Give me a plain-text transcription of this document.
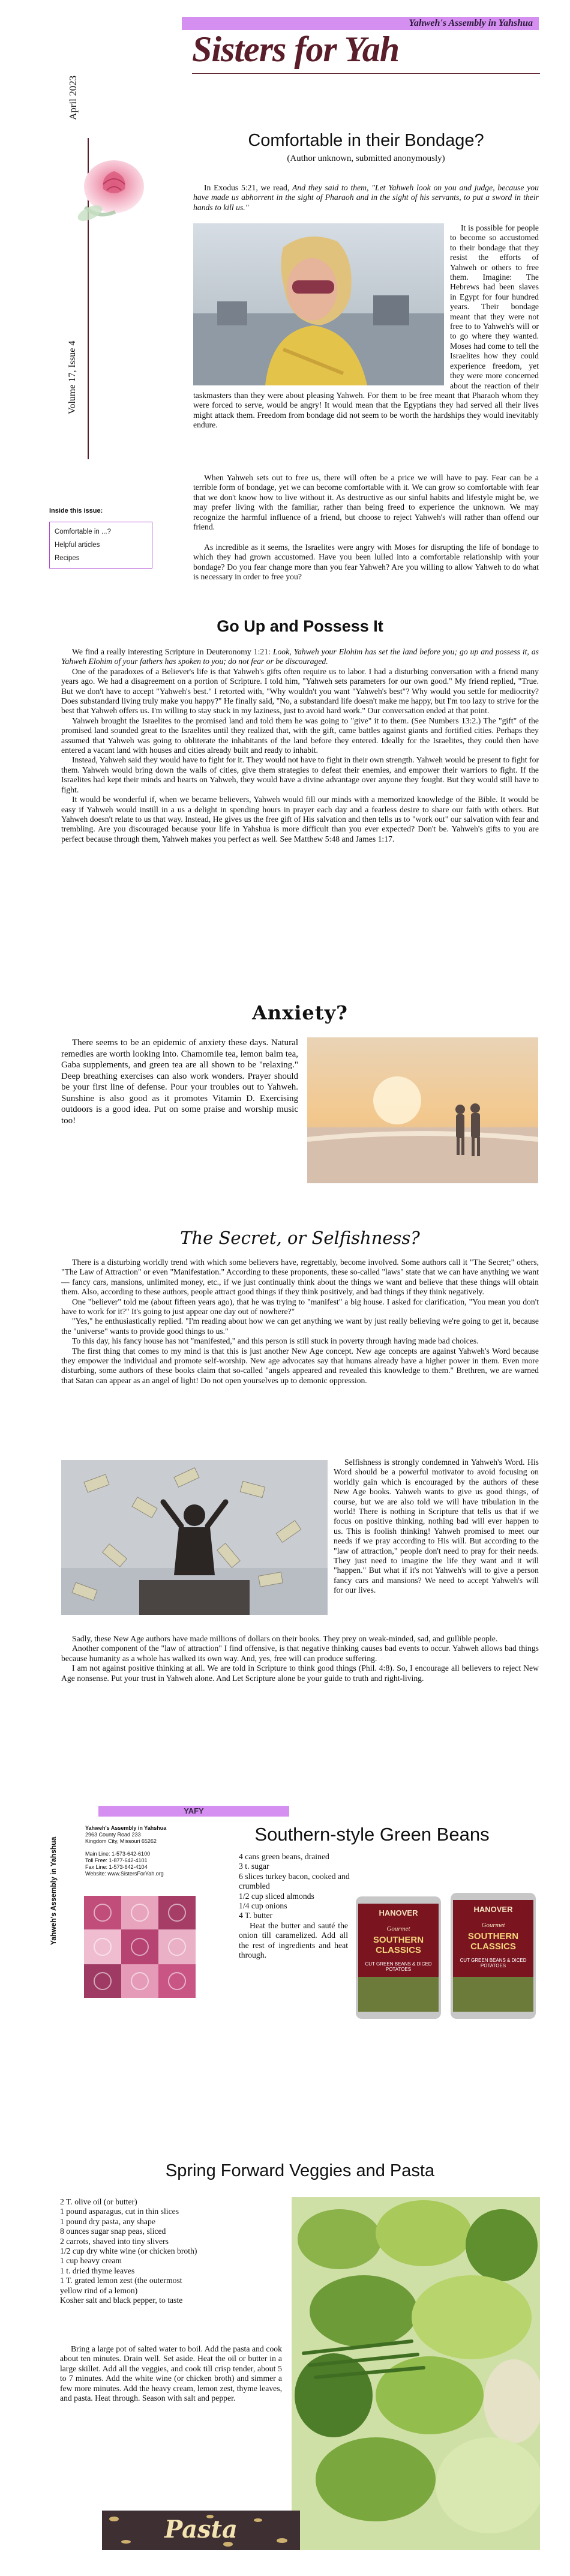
Yahweh's Assembly in Yahshua
Sisters for Yah
April 2023
Volume 17, Issue 4
Inside this issue:
Comfortable in ...?
Helpful articles
Recipes
Comfortable in their Bondage?
(Author unknown, submitted anonymously)

In Exodus 5:21, we read, And they said to them, "Let Yahweh look on you and judge, because you have made us abhorrent in the sight of Pharaoh and in the sight of his servants, to put a sword in their hands to kill us."

It is possible for people to become so accustomed to their bondage that they resist the efforts of Yahweh or others to free them. Imagine: The Hebrews had been slaves in Egypt for four hundred years. Their bondage meant that they were not free to to Yahweh's will or to go where they wanted. Moses had come to tell the Israelites how they could experience freedom, yet they were more concerned about the reaction of their taskmasters than they were about pleasing Yahweh. For them to be free meant that Pharaoh whom they were forced to serve, would be angry! It would mean that the Egyptians they had served all their lives might attack them. Freedom from bondage did not seem to be worth the hardships they would inevitably endure.

When Yahweh sets out to free us, there will often be a price we will have to pay. Fear can be a terrible form of bondage, yet we can become comfortable with it. We can grow so comfortable with fear that we don't know how to live without it. As destructive as our sinful habits and lifestyle might be, we may prefer living with the familiar, rather than being freed to experience the unknown. We may recognize the harmful influence of a friend, but choose to reject Yahweh's will rather than offend our friend.

As incredible as it seems, the Israelites were angry with Moses for disrupting the life of bondage to which they had grown accustomed. Have you been lulled into a comfortable relationship with your bondage? Do you fear change more than you fear Yahweh? Are you willing to allow Yahweh to do what is necessary in order to free you?

Go Up and Possess It

We find a really interesting Scripture in Deuteronomy 1:21: Look, Yahweh your Elohim has set the land before you; go up and possess it, as Yahweh Elohim of your fathers has spoken to you; do not fear or be discouraged.

One of the paradoxes of a Believer's life is that Yahweh's gifts often require us to labor. I had a disturbing conversation with a friend many years ago. We had a disagreement on a portion of Scripture. I told him, "Yahweh sets parameters for our own good." My friend replied, "True. But we don't have to accept "Yahweh's best." I retorted with, "Why wouldn't you want "Yahweh's best"? Why would you settle for mediocrity? Does substandard living truly make you happy?" He finally said, "No, a substandard life doesn't make me happy, but I'm too lazy to strive for the best that Yahweh offers us. I'm willing to stay stuck in my laziness, just to avoid hard work." Our conversation ended at that point.

Yahweh brought the Israelites to the promised land and told them he was going to "give" it to them. (See Numbers 13:2.) The "gift" of the promised land sounded great to the Israelites until they realized that, with the gift, came battles against giants and fortified cities. Perhaps they assumed that Yahweh was going to obliterate the inhabitants of the land before they entered. Ideally for the Israelites, they could then have entered a vacant land with houses and cities already built and ready to inhabit.

Instead, Yahweh said they would have to fight for it. They would not have to fight in their own strength. Yahweh would be present to fight for them. Yahweh would bring down the walls of cities, give them strategies to defeat their enemies, and empower their warriors to fight. If the Israelites had kept their minds and hearts on Yahweh, they would have a divine advantage over anyone they fought. But they would still have to fight.

It would be wonderful if, when we became believers, Yahweh would fill our minds with a memorized knowledge of the Bible. It would be easy if Yahweh would instill in a us a delight in spending hours in prayer each day and a fearless desire to share our faith with others. But Yahweh doesn't relate to us that way. Instead, He gives us the free gift of His salvation and then tells us to "work out" our salvation with fear and trembling. Are you discouraged because your life in Yahshua is more difficult than you ever expected? Don't be. Yahweh's gifts to you are perfect because through them, Yahweh makes you perfect as well. See Matthew 5:48 and James 1:17.

Anxiety?

There seems to be an epidemic of anxiety these days. Natural remedies are worth looking into. Chamomile tea, lemon balm tea, Gaba supplements, and green tea are all shown to be "relaxing." Deep breathing exercises can also work wonders. Prayer should be your first line of defense. Pour your troubles out to Yahweh. Sunshine is also good as it promotes Vitamin D. Exercising outdoors is a good idea. Put on some praise and worship music too!

The Secret, or Selfishness?

There is a disturbing worldly trend with which some believers have, regrettably, become involved. Some authors call it "The Secret;" others, "The Law of Attraction" or even "Manifestation." According to these proponents, these so-called "laws" state that we can have anything we want — fancy cars, mansions, unlimited money, etc., if we just continually think about the things we want and believe that these things will obtain them. Also, according to these authors, people attract good things if they think positively, and bad things if they think negatively.

One "believer" told me (about fifteen years ago), that he was trying to "manifest" a big house. I asked for clarification, "You mean you don't have to work for it?" It's going to just appear one day out of nowhere?"

"Yes," he enthusiastically replied. "I'm reading about how we can get anything we want by just really believing we're going to get it, because the "universe" wants to provide good things to us."

To this day, his fancy house has not "manifested," and this person is still stuck in poverty through having made bad choices.

The first thing that comes to my mind is that this is just another New Age concept. New age concepts are against Yahweh's Word because they empower the individual and promote self-worship. New age advocates say that humans already have a higher power in them. Even more disturbing, some authors of these books claim that so-called "angels appeared and revealed this knowledge to them." Brethren, we are warned that Satan can appear as an angel of light! Do not open yourselves up to demonic oppression.

Selfishness is strongly condemned in Yahweh's Word. His Word should be a powerful motivator to avoid focusing on worldly gain which is encouraged by the authors of these New Age books. Yahweh wants to give us good things, of course, but we are also told we will have tribulation in the world! There is nothing in Scripture that tells us that if we focus on positive thinking, nothing bad will ever happen to us. This is foolish thinking! Yahweh promised to meet our needs if we pray according to His will. But according to the "law of attraction," people don't need to pray for their needs. They just need to imagine the life they want and it will "happen." But what if it's not Yahweh's will to give a person fancy cars and mansions? We need to accept Yahweh's will for our lives.

Sadly, these New Age authors have made millions of dollars on their books. They prey on weak-minded, sad, and gullible people.

Another component of the "law of attraction" I find offensive, is that negative thinking causes bad events to occur. Yahweh allows bad things because humanity as a whole has walked its own way. And, yes, free will can produce suffering.

I am not against positive thinking at all. We are told in Scripture to think good things (Phil. 4:8). So, I encourage all believers to reject New Age nonsense. Put your trust in Yahweh alone. And Let Scripture alone be your guide to truth and right-living.

YAFY
Yahweh's Assembly in Yahshua
Yahweh's Assembly in Yahshua
2963 County Road 233
Kingdom City, Missouri 65262
Main Line: 1-573-642-6100
Toll Free: 1-877-642-4101
Fax Line: 1-573-642-4104
Website: www.SistersForYah.org
Southern-style Green Beans
4 cans green beans, drained
3 t. sugar
6 slices turkey bacon, cooked and crumbled
1/2 cup sliced almonds
1/4 cup onions
4 T. butter

Heat the butter and sauté the onion till caramelized. Add all the rest of ingredients and heat through.

HANOVER
Gourmet
SOUTHERN CLASSICS
CUT GREEN BEANS & DICED POTATOES
HANOVER
Gourmet
SOUTHERN CLASSICS
CUT GREEN BEANS & DICED POTATOES
Spring Forward Veggies and Pasta
2 T. olive oil (or butter)
1 pound asparagus, cut in thin slices
1 pound dry pasta, any shape
8 ounces sugar snap peas, sliced
2 carrots, shaved into tiny slivers
1/2 cup dry white wine (or chicken broth)
1 cup heavy cream
1 t. dried thyme leaves
1 T. grated lemon zest (the outermost yellow rind of a lemon)
Kosher salt and black pepper, to taste

Bring a large pot of salted water to boil. Add the pasta and cook about ten minutes. Drain well. Set aside. Heat the oil or butter in a large skillet. Add all the veggies, and cook till crisp tender, about 5 to 7 minutes. Add the white wine (or chicken broth) and simmer a few more minutes. Add the heavy cream, lemon zest, thyme leaves, and pasta. Heat through. Season with salt and pepper.

Pasta
